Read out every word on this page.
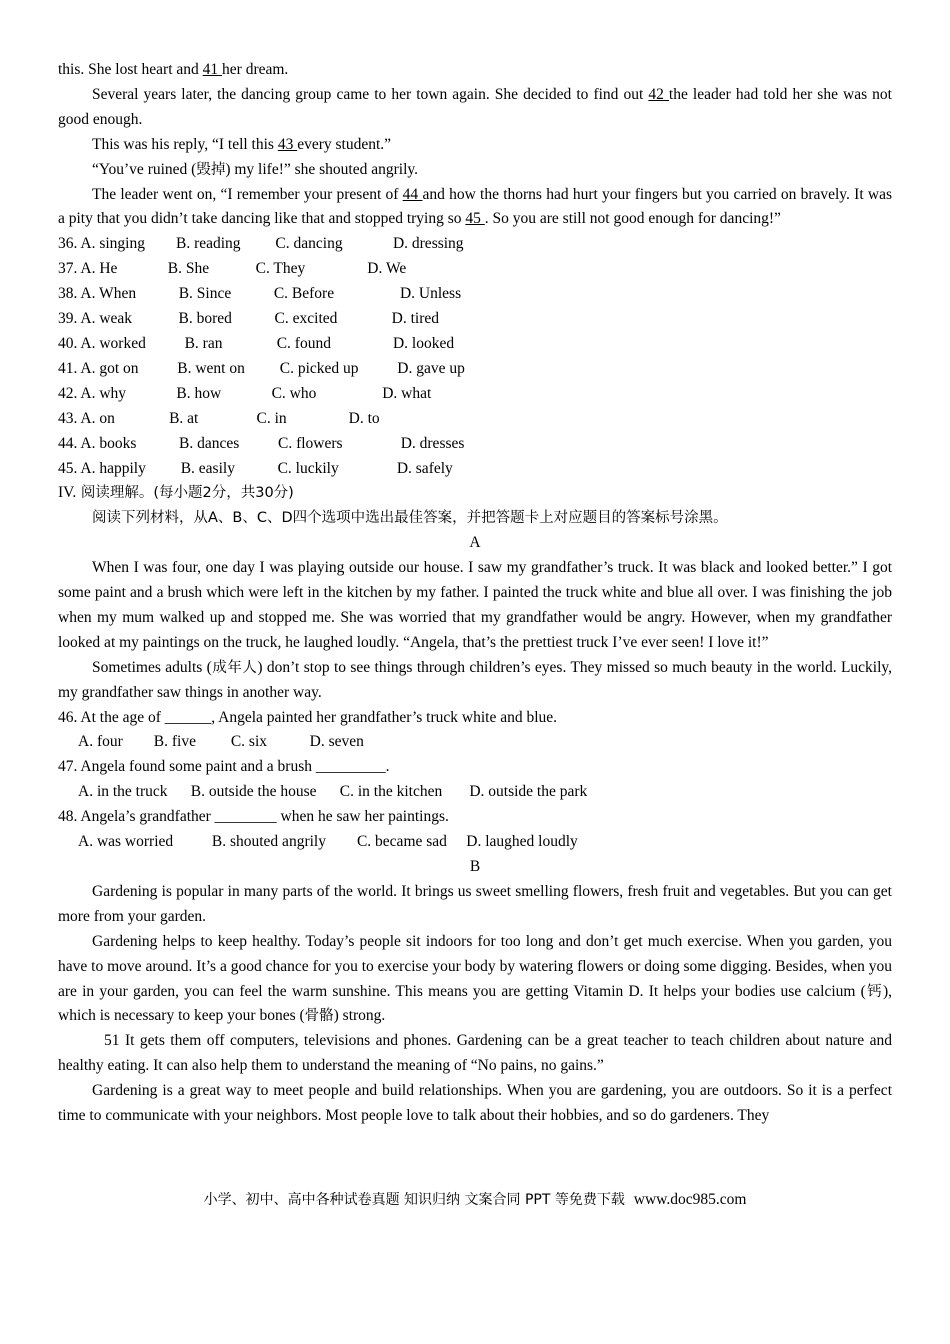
this. She lost heart and 41 her dream.

Several years later, the dancing group came to her town again. She decided to find out 42 the leader had told her she was not good enough.

This was his reply, “I tell this 43 every student.”

“You’ve ruined (毁掉) my life!” she shouted angrily.

The leader went on, “I remember your present of 44 and how the thorns had hurt your fingers but you carried on bravely. It was a pity that you didn’t take dancing like that and stopped trying so 45 . So you are still not good enough for dancing!”

36. A. singing        B. reading         C. dancing             D. dressing

37. A. He             B. She            C. They                D. We

38. A. When           B. Since           C. Before                 D. Unless

39. A. weak            B. bored           C. excited              D. tired

40. A. worked          B. ran              C. found                D. looked

41. A. got on          B. went on         C. picked up          D. gave up

42. A. why             B. how             C. who                 D. what

43. A. on              B. at               C. in                D. to

44. A. books           B. dances          C. flowers               D. dresses

45. A. happily         B. easily           C. luckily               D. safely

IV. 阅读理解。(每小题2分，共30分)

阅读下列材料，从A、B、C、D四个选项中选出最佳答案，并把答题卡上对应题目的答案标号涂黑。

A

When I was four, one day I was playing outside our house. I saw my grandfather’s truck. It was black and looked better.” I got some paint and a brush which were left in the kitchen by my father. I painted the truck white and blue all over. I was finishing the job when my mum walked up and stopped me. She was worried that my grandfather would be angry. However, when my grandfather looked at my paintings on the truck, he laughed loudly. “Angela, that’s the prettiest truck I’ve ever seen! I love it!”

Sometimes adults (成年人) don’t stop to see things through children’s eyes. They missed so much beauty in the world. Luckily, my grandfather saw things in another way.

46. At the age of ______, Angela painted her grandfather’s truck white and blue.

A. four        B. five         C. six           D. seven

47. Angela found some paint and a brush _________.

A. in the truck      B. outside the house      C. in the kitchen       D. outside the park

48. Angela’s grandfather ________ when he saw her paintings.

A. was worried          B. shouted angrily        C. became sad     D. laughed loudly

B

Gardening is popular in many parts of the world. It brings us sweet smelling flowers, fresh fruit and vegetables. But you can get more from your garden.

Gardening helps to keep healthy. Today’s people sit indoors for too long and don’t get much exercise. When you garden, you have to move around. It’s a good chance for you to exercise your body by watering flowers or doing some digging. Besides, when you are in your garden, you can feel the warm sunshine. This means you are getting Vitamin D. It helps your bodies use calcium (钙), which is necessary to keep your bones (骨骼) strong.

51 It gets them off computers, televisions and phones. Gardening can be a great teacher to teach children about nature and healthy eating. It can also help them to understand the meaning of “No pains, no gains.”

Gardening is a great way to meet people and build relationships. When you are gardening, you are outdoors. So it is a perfect time to communicate with your neighbors. Most people love to talk about their hobbies, and so do gardeners. They

小学、初中、高中各种试卷真题 知识归纳 文案合同 PPT 等免费下载 www.doc985.com
